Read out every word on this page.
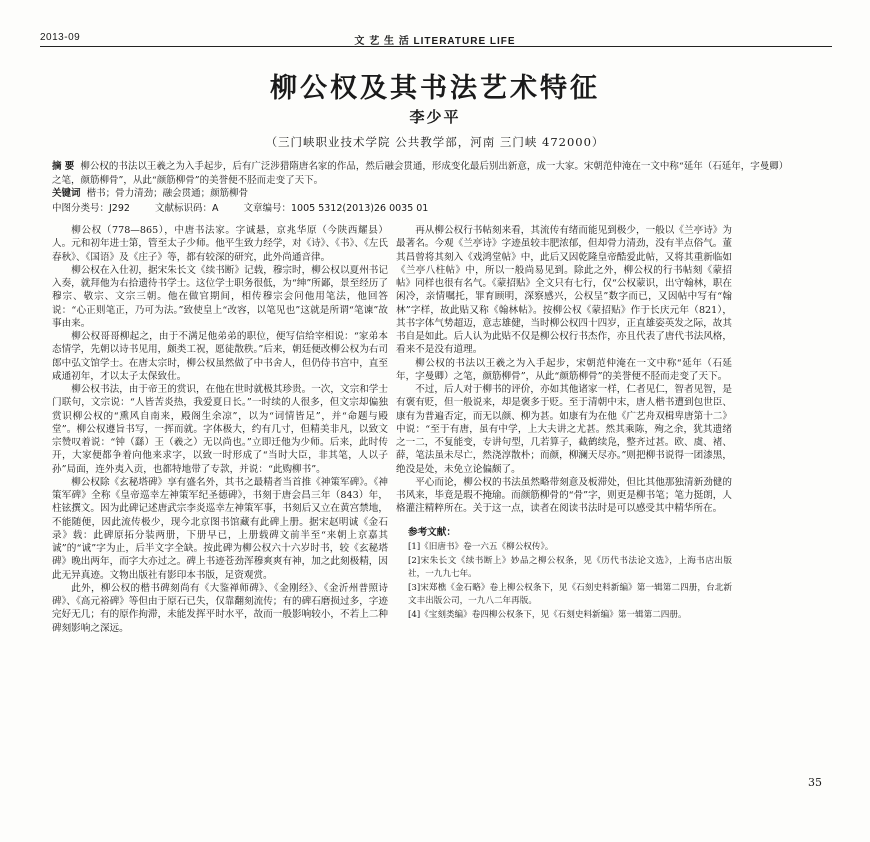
2013-09	文 艺 生 活 LITERATURE LIFE
柳公权及其书法艺术特征
李少平
（三门峡职业技术学院 公共教学部，河南 三门峡 472000）
摘 要 柳公权的书法以王羲之为入手起步，后有广泛涉猎隋唐名家的作品，然后融会贯通，形成变化最后别出新意，成一大家。宋朝范仲淹在一文中称“延年（石延年，字曼卿）之笔，颜筋柳骨”，从此“颜筋柳骨”的美誉便不胫而走变了天下。
关键词 楷书；骨力清劲；融会贯通；颜筋柳骨
中图分类号：J292	文献标识码：A	文章编号：1005 5312(2013)26 0035 01

柳公权（778—865），中唐书法家。字诚悬，京兆华原（今陕西耀县）人。元和初年进士第，管至太子少师。他平生致力经学，对《诗》、《书》、《左氏春秋》、《国语》及《庄子》等，都有较深的研究，此外尚通音律。

柳公权在入仕初，据宋朱长文《续书断》记载，穆宗时，柳公权以夏州书记入奏，就拜他为右拾遗待书学士。这位学士职务很低，为“绅”所鄙，景至经历了穆宗、敬宗、文宗三朝。他在做官期间，相传穆宗会问他用笔法，他回答说：“心正则笔正，乃可为法。”致使皇上“改容，以笔见也”这就是所谓“笔谏”故事由来。

柳公权哥哥柳起之，由于不满足他弟弟的职位，便写信给宰相说：“家弟本态情学，先朝以诗书见用，颇类工祝，愿徒散秩。”后来，朝廷便改柳公权为右司郎中弘文馆学士。在唐太宗时，柳公权虽然做了中书舍人，但仍侍书宫中，直至咸通初年，才以太子太保致仕。

柳公权书法，由于帝王的赏识，在他在世时就极其珍贵。一次，文宗和学士门联句，文宗说：“人皆苦炎热，我爱夏日长。”一时续的人很多，但文宗却偏独赏识柳公权的“熏风自南来，殿阁生余凉”，以为“词情皆足”，并“命题与殿堂”。柳公权遵旨书写，一挥而就。字体极大，约有几寸，但精美非凡，以致文宗赞叹着说：“钟（繇）王（羲之）无以尚也。”立即迁他为少师。后来，此时传开，大家便都争着向他来求字，以致一时形成了“当时大臣，非其笔，人以子孙”局面，连外夷入贡，也都特地带了专款，并说：“此购柳书”。

柳公权除《玄秘塔碑》享有盛名外，其书之最精者当首推《神策军碑》。《神策军碑》全称《皇帝巡幸左神策军纪圣德碑》，书刻于唐会昌三年（843）年，柱铉撰文。因为此碑记述唐武宗李炎巡幸左神策军事，书刻后又立在黄宫禁地，不能随便，因此流传极少，现今北京图书馆藏有此碑上册。据宋赵明诚《金石录》载：此碑原拓分装两册，下册早已，上册载碑文前半至“来朝上京嘉其诚”的“诚”字为止，后半文字全缺。按此碑为柳公权六十六岁时书，较《玄秘塔碑》晚出两年，而字大亦过之。碑上书迹苍劲浑穆爽爽有神，加之此刻极精，因此无异真迹。文物出版社有影印本书版，足资观赏。

此外，柳公权的楷书碑刻尚有《大鉴禅师碑》、《金刚经》、《金沂州普照诗碑》、《高元裕碑》等但由于原石已失，仅靠翻刻流传；有的碑石磨损过多，字迹完好无几；有的原作拘滞，未能发挥平时水平，故而一般影响较小，不若上二种碑刻影响之深远。

再从柳公权行书帖刻来看，其流传有绪而能见到极少，一般以《兰亭诗》为最著名。今观《兰亭诗》字迹虽较丰肥浓郁，但却骨力清劲，没有半点俗气。董其昌曾将其刻入《戏鸿堂帖》中，此后又因乾隆皇帝酷爱此帖，又将其重新临如《兰亭八柱帖》中，所以一般尚易见到。除此之外，柳公权的行书帖刻《蒙招帖》同样也很有名气。《蒙招贴》全文只有七行，仅“公权蒙识，出守翰林，职在闲冷，亲情嘱托，罪育顾明，深察感兴，公权呈”数字而已，又因帖中写有“翰林”字样，故此贴又称《翰林帖》。按柳公权《蒙招贴》作于长庆元年（821），其书字体气势超迈，意志雄健，当时柳公权四十四岁，正直雄姿英发之际，故其书自是如此。后人认为此贴不仅是柳公权行书杰作，亦且代表了唐代书法风格，看来不是没有道理。

柳公权的书法以王羲之为入手起步，宋朝范仲淹在一文中称“延年（石延年，字曼卿）之笔，颜筋柳骨”，从此“颜筋柳骨”的美誉便不胫而走变了天下。

不过，后人对于柳书的评价，亦如其他诸家一样，仁者见仁，智者见智，是有褒有贬，但一般说来，却是褒多于贬。至于清朝中末，唐人楷书遭到包世臣、康有为普遍否定，而无以颜、柳为甚。如康有为在他《广艺舟双楫卑唐第十二》中说：“至于有唐，虽有中学，上大夫讲之尤甚。然其乘陈，殉之余，犹其遗绪之一二，不复能变，专讲句型，几若算子，截鹤续凫，整齐过甚。欧、虞、褚、薛，笔法虽未尽亡，然浇淳散朴；而颜，柳澜天尽亦。”则把柳书说得一团漆黑，绝没是处，未免立论偏颇了。

平心而论，柳公权的书法虽然略带刻意及板滞处，但比其他那独清新劲健的书风来，毕竟是瑕不掩瑜。而颜筋柳骨的“骨”字，则更是柳书笔；笔力挺朗，人格灌注精粹所在。关于这一点，读者在阅读书法时是可以感受其中精华所在。

参考文献：

[1]《旧唐书》卷一六五《柳公权传》。

[2]宋朱长文《续书断上》妙品之柳公权条，见《历代书法论文选》，上海书店出版社，一九九七年。

[3]宋郑樵《金石略》卷上柳公权条下，见《石刻史料新编》第一辑第二四册，台北新文丰出版公司，一九八二年再版。

[4]《宝刻类编》卷四柳公权条下，见《石刻史料新编》第一辑第二四册。

35
